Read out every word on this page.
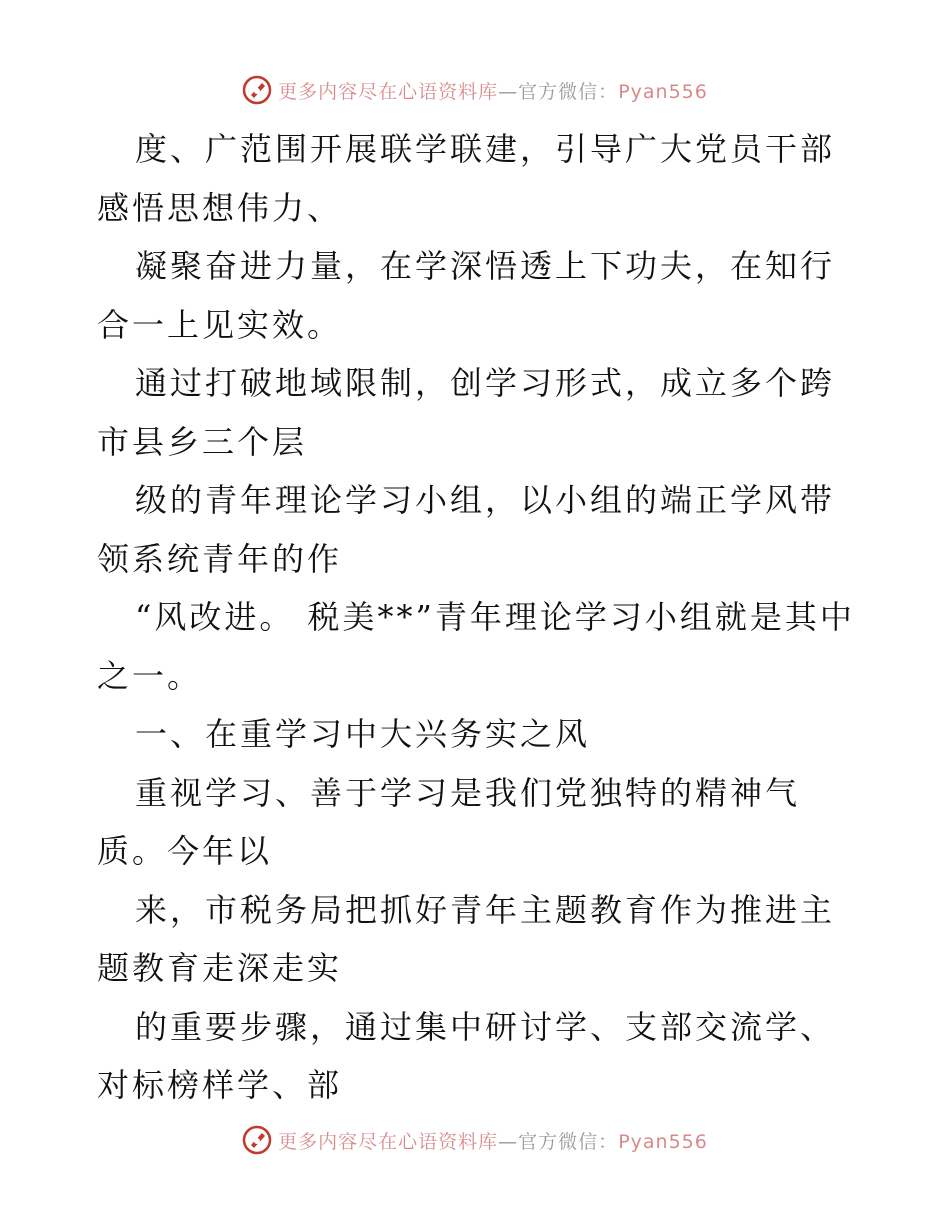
更多内容尽在心语资料库—官方微信：Pyan556

度、广范围开展联学联建，引导广大党员干部感悟思想伟力、

凝聚奋进力量，在学深悟透上下功夫，在知行合一上见实效。

通过打破地域限制，创学习形式，成立多个跨市县乡三个层

级的青年理论学习小组，以小组的端正学风带领系统青年的作

“风改进。 税美**”青年理论学习小组就是其中之一。

一、在重学习中大兴务实之风

重视学习、善于学习是我们党独特的精神气质。今年以

来，市税务局把抓好青年主题教育作为推进主题教育走深走实

的重要步骤，通过集中研讨学、支部交流学、对标榜样学、部

更多内容尽在心语资料库—官方微信：Pyan556
